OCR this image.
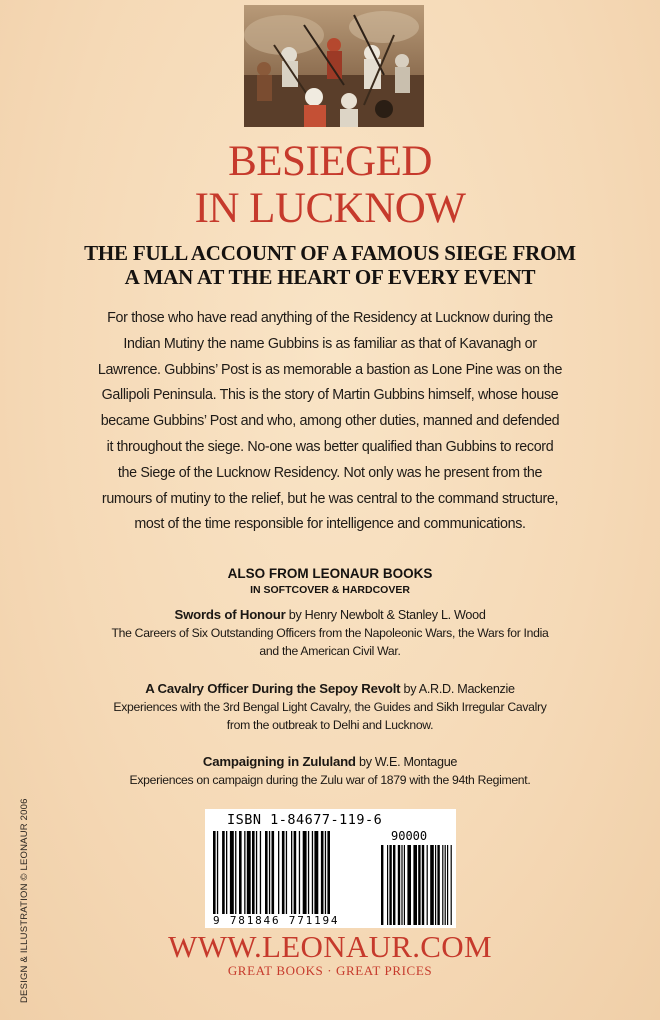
BESIEGED
IN LUCKNOW
THE FULL ACCOUNT OF A FAMOUS SIEGE FROM
A MAN AT THE HEART OF EVERY EVENT
For those who have read anything of the Residency at Lucknow during the
Indian Mutiny the name Gubbins is as familiar as that of Kavanagh or
Lawrence. Gubbins’ Post is as memorable a bastion as Lone Pine was on the
Gallipoli Peninsula. This is the story of Martin Gubbins himself, whose house
became Gubbins’ Post and who, among other duties, manned and defended
it throughout the siege. No-one was better qualified than Gubbins to record
the Siege of the Lucknow Residency. Not only was he present from the
rumours of mutiny to the relief, but he was central to the command structure,
most of the time responsible for intelligence and communications.
ALSO FROM LEONAUR BOOKS
IN SOFTCOVER & HARDCOVER
Swords of Honour by Henry Newbolt & Stanley L. Wood
The Careers of Six Outstanding Officers from the Napoleonic Wars, the Wars for India
and the American Civil War.
A Cavalry Officer During the Sepoy Revolt by A.R.D. Mackenzie
Experiences with the 3rd Bengal Light Cavalry, the Guides and Sikh Irregular Cavalry
from the outbreak to Delhi and Lucknow.
Campaigning in Zululand by W.E. Montague
Experiences on campaign during the Zulu war of 1879 with the 94th Regiment.
ISBN 1-84677-119-6
90000
9 781846 771194
WWW.LEONAUR.COM
GREAT BOOKS · GREAT PRICES
DESIGN & ILLUSTRATION © LEONAUR 2006
